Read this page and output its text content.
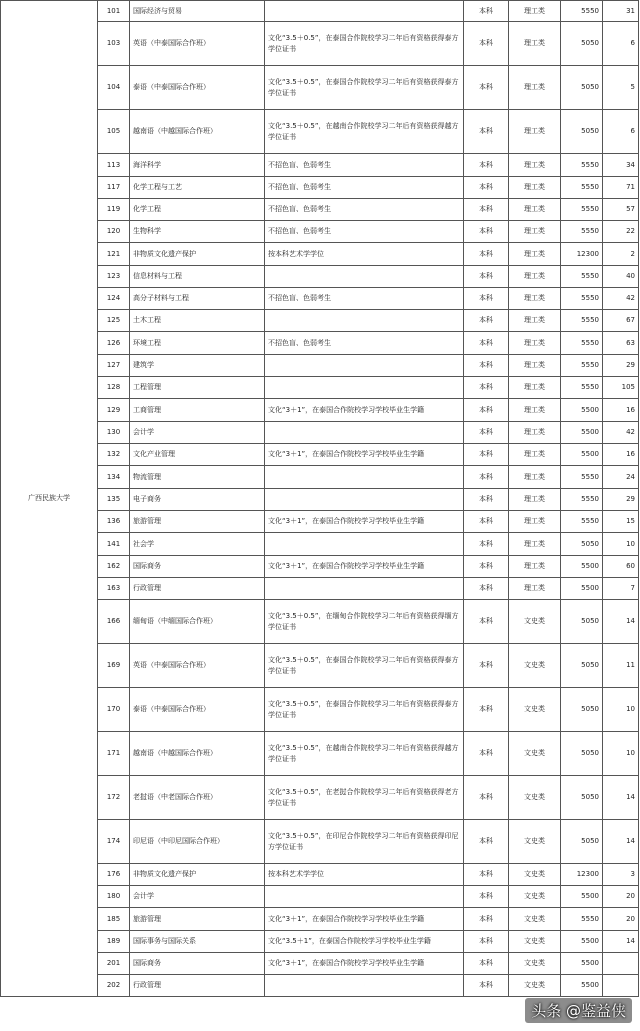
广西民族大学	101	国际经济与贸易		本科	理工类	5550	31
	103	英语（中泰国际合作班）	文化“3.5＋0.5”，在泰国合作院校学习二年后有资格获得泰方学位证书	本科	理工类	5050	6
	104	泰语（中泰国际合作班）	文化“3.5＋0.5”，在泰国合作院校学习二年后有资格获得泰方学位证书	本科	理工类	5050	5
	105	越南语（中越国际合作班）	文化“3.5＋0.5”，在越南合作院校学习二年后有资格获得越方学位证书	本科	理工类	5050	6
	113	海洋科学	不招色盲、色弱考生	本科	理工类	5550	34
	117	化学工程与工艺	不招色盲、色弱考生	本科	理工类	5550	71
	119	化学工程	不招色盲、色弱考生	本科	理工类	5550	57
	120	生物科学	不招色盲、色弱考生	本科	理工类	5550	22
	121	非物质文化遗产保护	按本科艺术学学位	本科	理工类	12300	2
	123	信息材料与工程		本科	理工类	5550	40
	124	高分子材料与工程	不招色盲、色弱考生	本科	理工类	5550	42
	125	土木工程		本科	理工类	5550	67
	126	环境工程	不招色盲、色弱考生	本科	理工类	5550	63
	127	建筑学		本科	理工类	5550	29
	128	工程管理		本科	理工类	5550	105
	129	工商管理	文化“3＋1”，在泰国合作院校学习学校毕业生学籍	本科	理工类	5500	16
	130	会计学		本科	理工类	5500	42
	132	文化产业管理	文化“3＋1”，在泰国合作院校学习学校毕业生学籍	本科	理工类	5500	16
	134	物流管理		本科	理工类	5550	24
	135	电子商务		本科	理工类	5550	29
	136	旅游管理	文化“3＋1”，在泰国合作院校学习学校毕业生学籍	本科	理工类	5550	15
	141	社会学		本科	理工类	5050	10
	162	国际商务	文化“3＋1”，在泰国合作院校学习学校毕业生学籍	本科	理工类	5500	60
	163	行政管理		本科	理工类	5500	7
	166	缅甸语（中缅国际合作班）	文化“3.5＋0.5”，在缅甸合作院校学习二年后有资格获得缅方学位证书	本科	文史类	5050	14
	169	英语（中泰国际合作班）	文化“3.5＋0.5”，在泰国合作院校学习二年后有资格获得泰方学位证书	本科	文史类	5050	11
	170	泰语（中泰国际合作班）	文化“3.5＋0.5”，在泰国合作院校学习二年后有资格获得泰方学位证书	本科	文史类	5050	10
	171	越南语（中越国际合作班）	文化“3.5＋0.5”，在越南合作院校学习二年后有资格获得越方学位证书	本科	文史类	5050	10
	172	老挝语（中老国际合作班）	文化“3.5＋0.5”，在老挝合作院校学习二年后有资格获得老方学位证书	本科	文史类	5050	14
	174	印尼语（中印尼国际合作班）	文化“3.5＋0.5”，在印尼合作院校学习二年后有资格获得印尼方学位证书	本科	文史类	5050	14
	176	非物质文化遗产保护	按本科艺术学学位	本科	文史类	12300	3
	180	会计学		本科	文史类	5500	20
	185	旅游管理	文化“3＋1”，在泰国合作院校学习学校毕业生学籍	本科	文史类	5550	20
	189	国际事务与国际关系	文化“3.5＋1”，在泰国合作院校学习学校毕业生学籍	本科	文史类	5500	14
	201	国际商务	文化“3＋1”，在泰国合作院校学习学校毕业生学籍	本科	文史类	5500	
	202	行政管理		本科	文史类	5500	
头条 @鉴益侠
